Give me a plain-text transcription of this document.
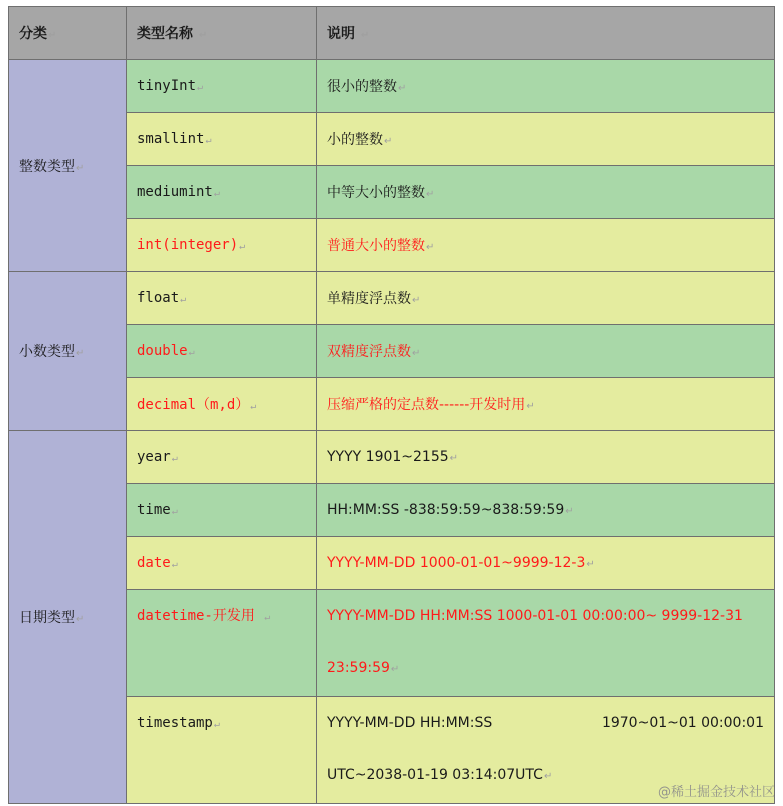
分类↵	类型名称 ↵	说明 ↵
整数类型↵	tinyInt↵	很小的整数↵
	smallint↵	小的整数↵
	mediumint↵	中等大小的整数↵
	int(integer)↵	普通大小的整数↵
小数类型↵	float↵	单精度浮点数↵
	double↵	双精度浮点数↵
	decimal（m,d）↵	压缩严格的定点数------开发时用↵
日期类型↵	year↵	YYYY 1901~2155↵
	time↵	HH:MM:SS -838:59:59~838:59:59↵
	date↵	YYYY-MM-DD 1000-01-01~9999-12-3↵
	datetime-开发用 ↵	YYYY-MM-DD HH:MM:SS 1000-01-01 00:00:00~ 9999-12-31 23:59:59↵
	timestamp↵	YYYY-MM-DD HH:MM:SS 1970~01~01 00:00:01
UTC~2038-01-19 03:14:07UTC↵
@稀土掘金技术社区
